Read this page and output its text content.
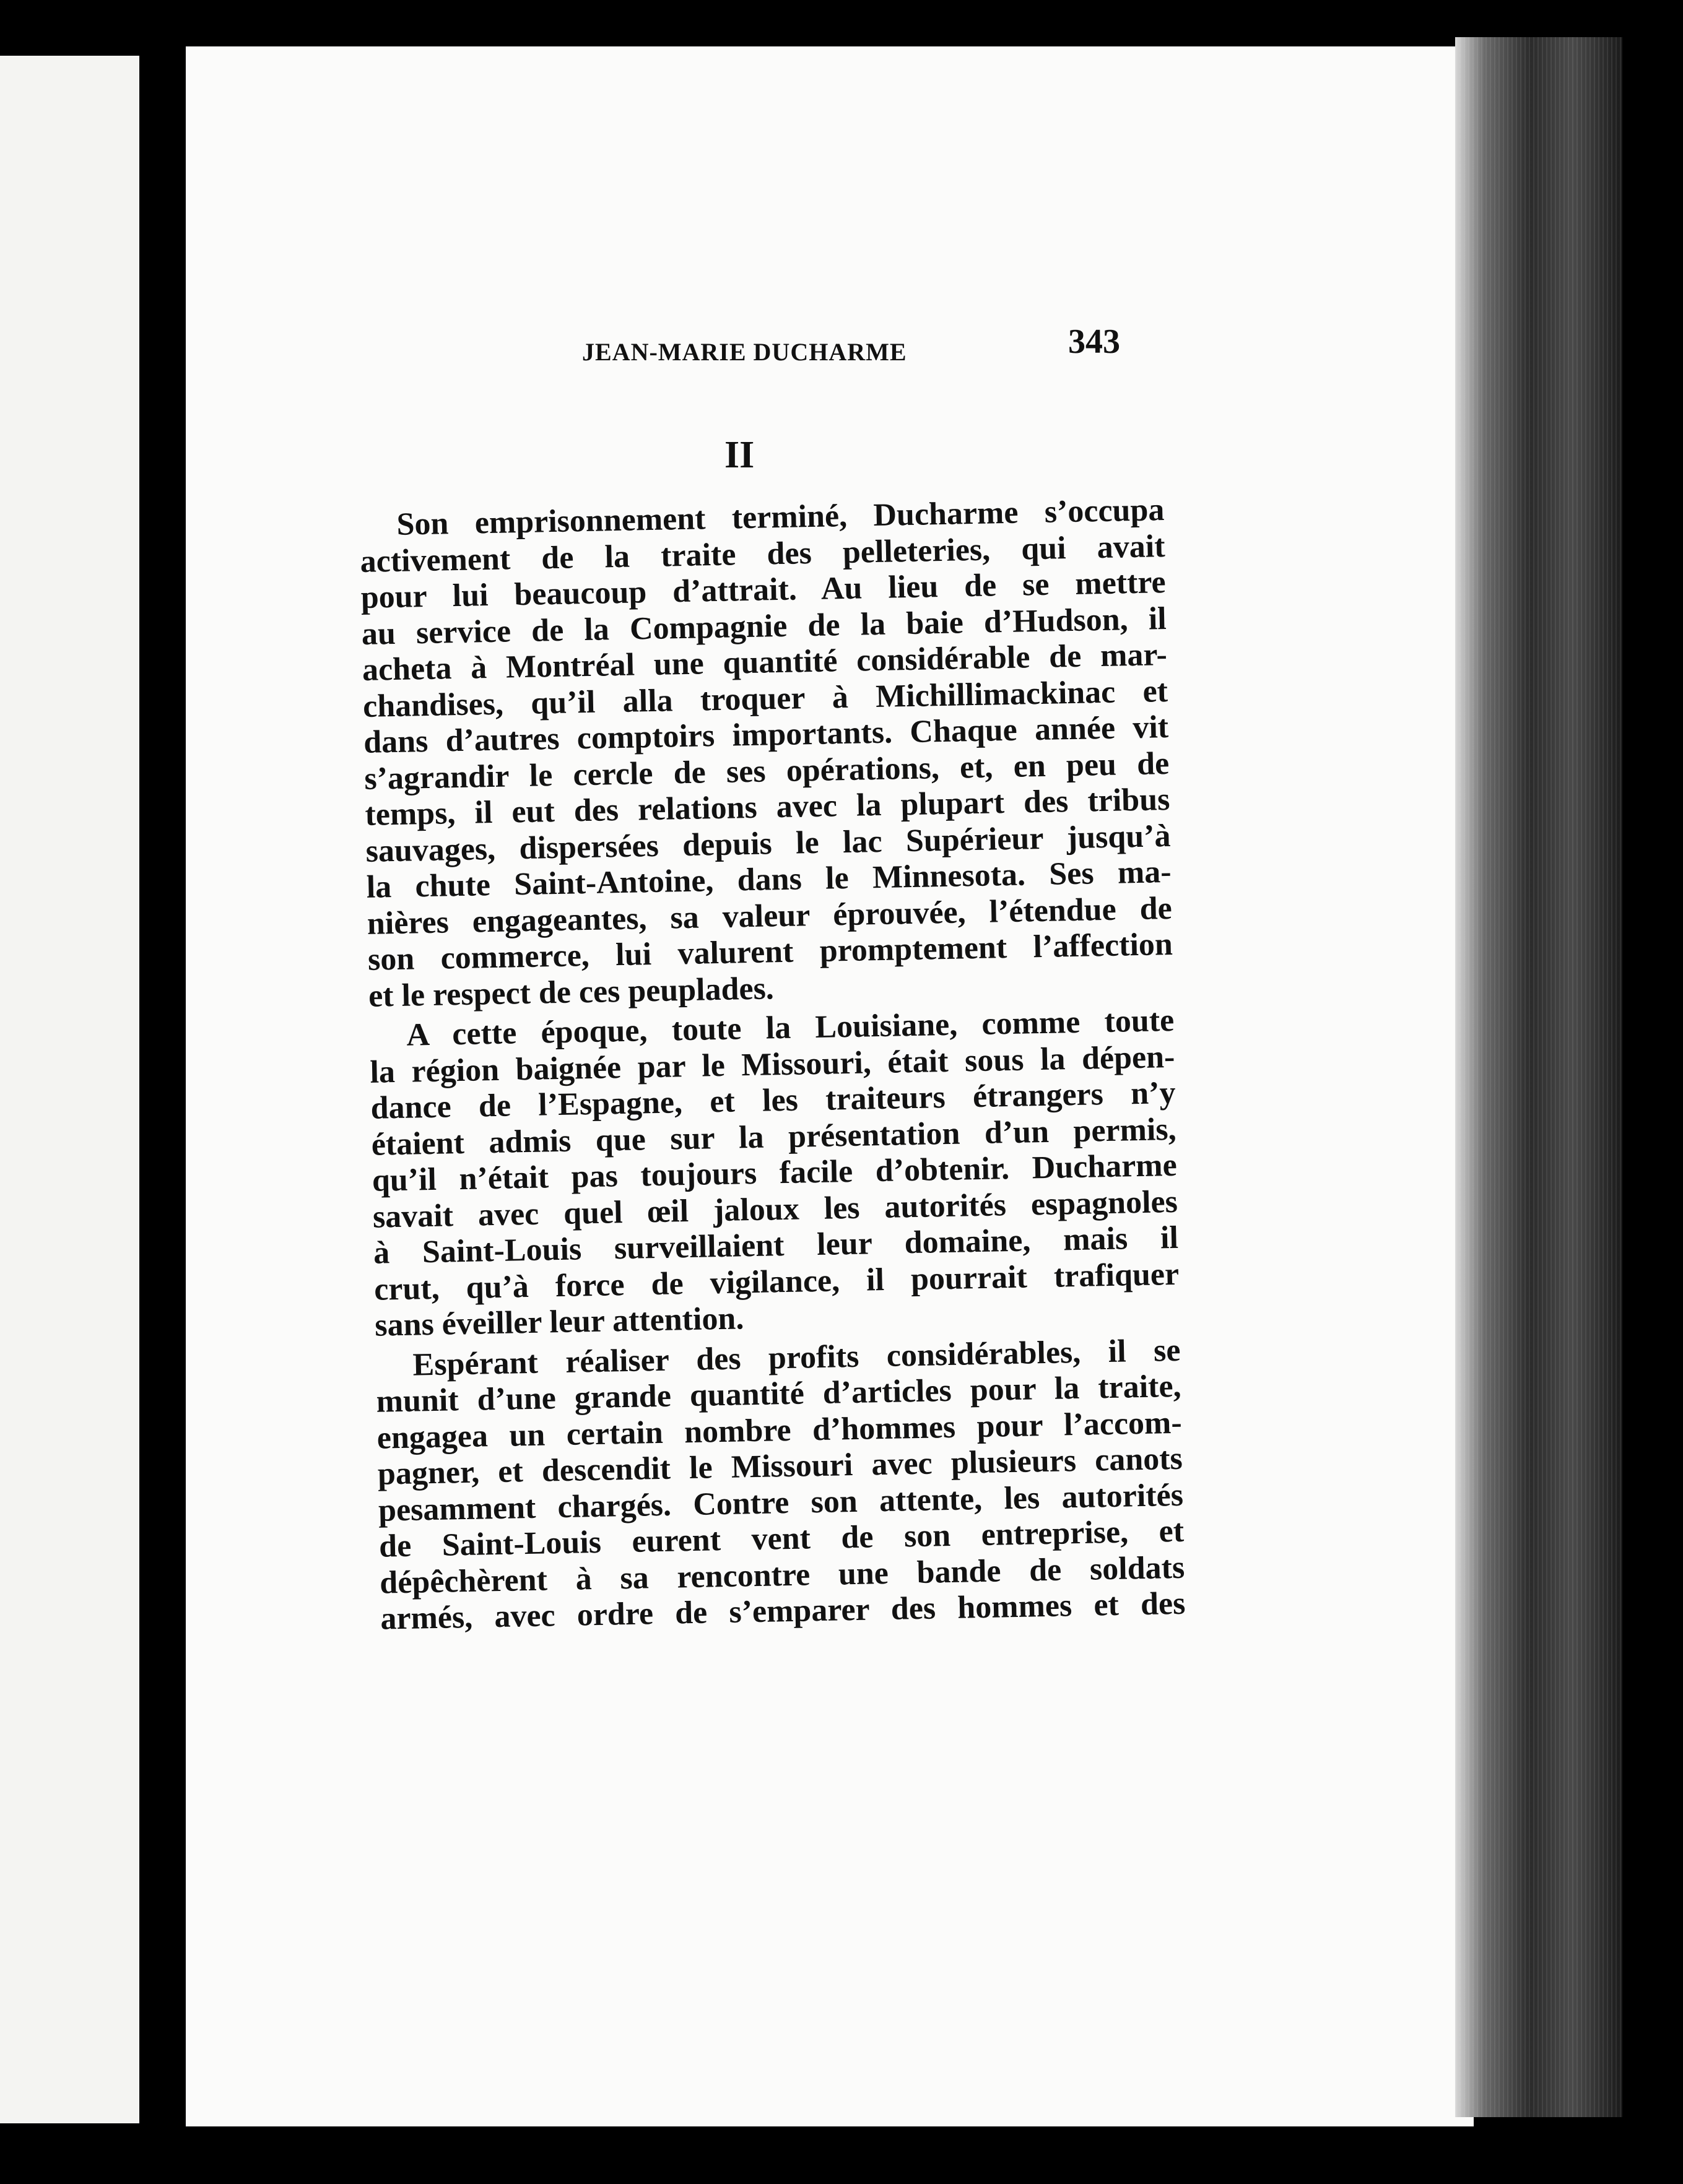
JEAN-MARIE DUCHARME	343
II
Son emprisonnement terminé, Ducharme s’occupa
activement de la traite des pelleteries, qui avait
pour lui beaucoup d’attrait. Au lieu de se mettre
au service de la Compagnie de la baie d’Hudson, il
acheta à Montréal une quantité considérable de mar-
chandises, qu’il alla troquer à Michillimackinac et
dans d’autres comptoirs importants. Chaque année vit
s’agrandir le cercle de ses opérations, et, en peu de
temps, il eut des relations avec la plupart des tribus
sauvages, dispersées depuis le lac Supérieur jusqu’à
la chute Saint-Antoine, dans le Minnesota. Ses ma-
nières engageantes, sa valeur éprouvée, l’étendue de
son commerce, lui valurent promptement l’affection
et le respect de ces peuplades.
A cette époque, toute la Louisiane, comme toute
la région baignée par le Missouri, était sous la dépen-
dance de l’Espagne, et les traiteurs étrangers n’y
étaient admis que sur la présentation d’un permis,
qu’il n’était pas toujours facile d’obtenir. Ducharme
savait avec quel œil jaloux les autorités espagnoles
à Saint-Louis surveillaient leur domaine, mais il
crut, qu’à force de vigilance, il pourrait trafiquer
sans éveiller leur attention.
Espérant réaliser des profits considérables, il se
munit d’une grande quantité d’articles pour la traite,
engagea un certain nombre d’hommes pour l’accom-
pagner, et descendit le Missouri avec plusieurs canots
pesamment chargés. Contre son attente, les autorités
de Saint-Louis eurent vent de son entreprise, et
dépêchèrent à sa rencontre une bande de soldats
armés, avec ordre de s’emparer des hommes et des
